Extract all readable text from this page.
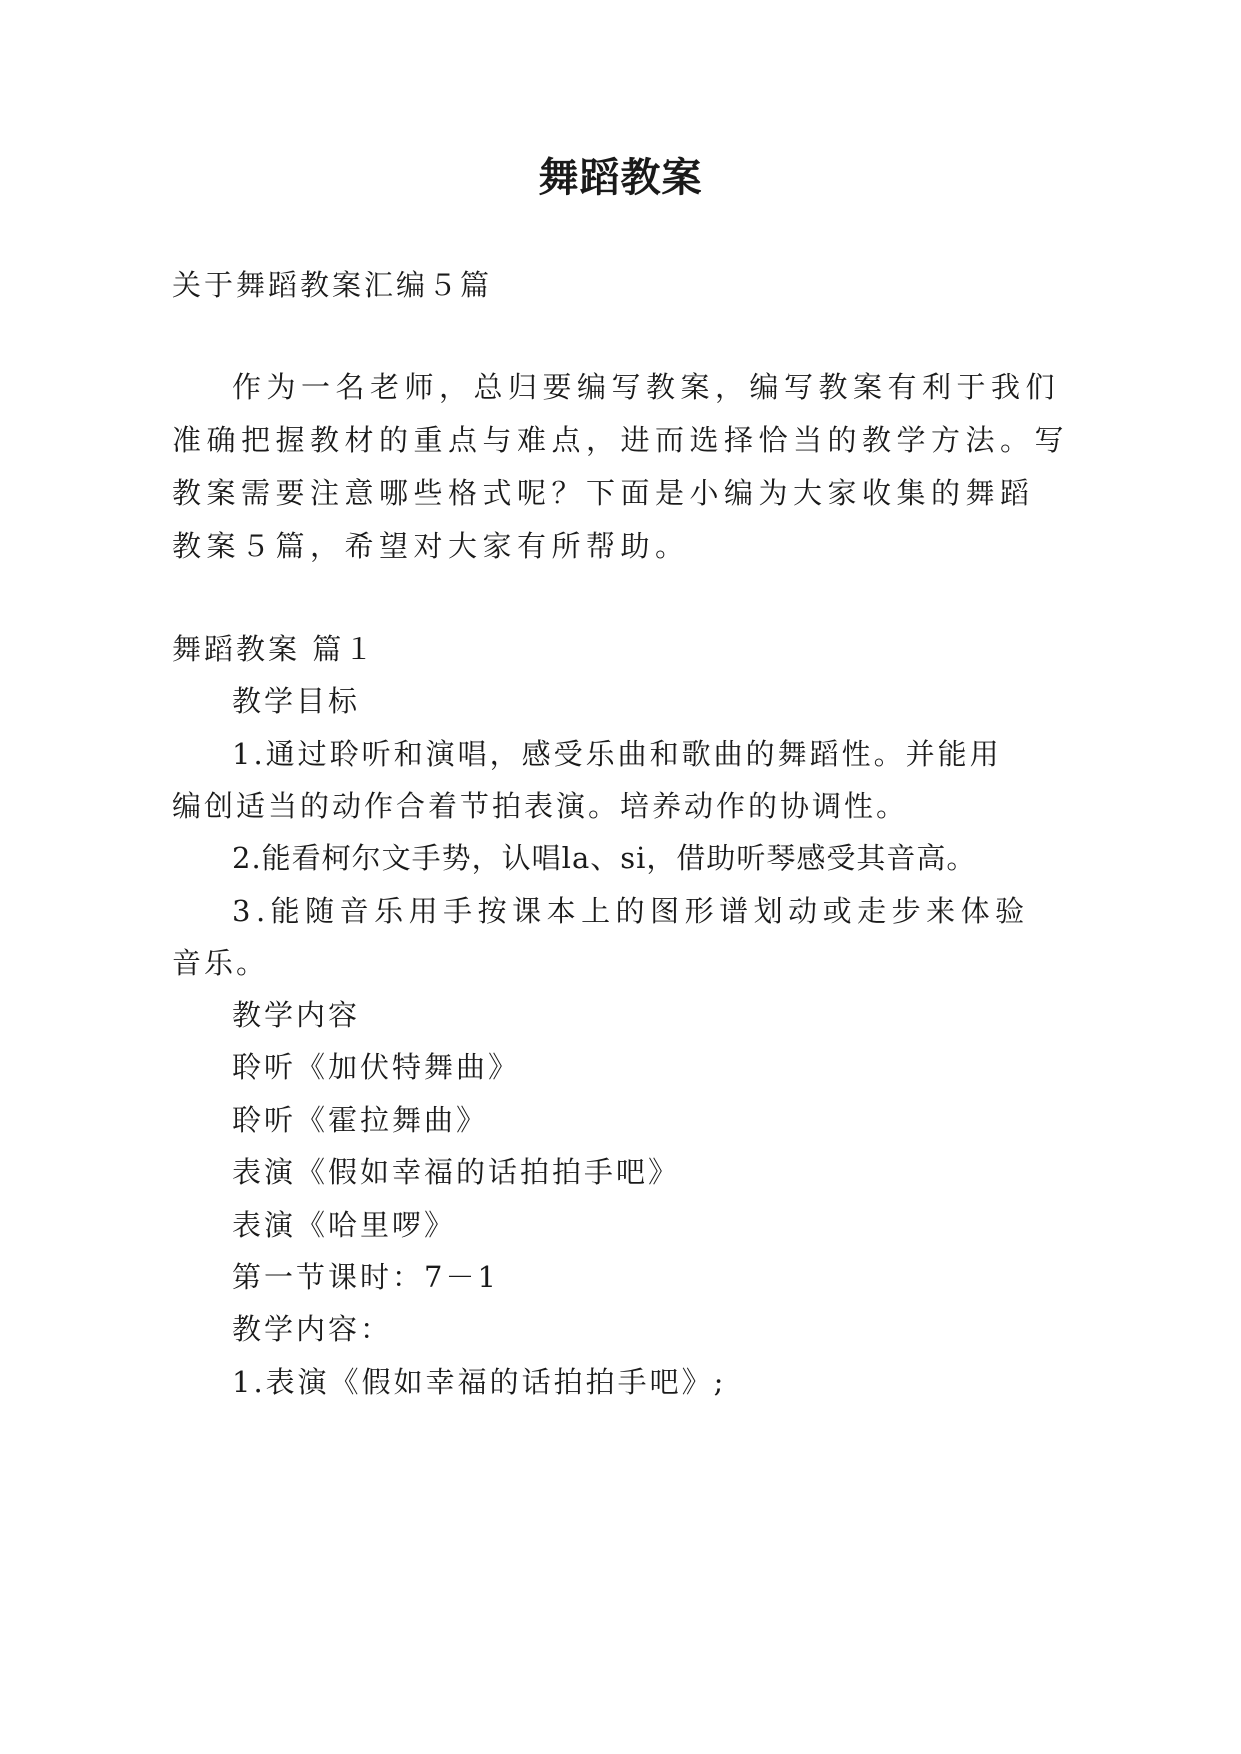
舞蹈教案
关于舞蹈教案汇编５篇
作为一名老师，总归要编写教案，编写教案有利于我们
准确把握教材的重点与难点，进而选择恰当的教学方法。写
教案需要注意哪些格式呢？下面是小编为大家收集的舞蹈
教案５篇，希望对大家有所帮助。
舞蹈教案 篇１
教学目标
1.通过聆听和演唱，感受乐曲和歌曲的舞蹈性。并能用
编创适当的动作合着节拍表演。培养动作的协调性。
2.能看柯尔文手势，认唱la、si，借助听琴感受其音高。
3.能随音乐用手按课本上的图形谱划动或走步来体验
音乐。
教学内容
聆听《加伏特舞曲》
聆听《霍拉舞曲》
表演《假如幸福的话拍拍手吧》
表演《哈里啰》
第一节课时：7－1
教学内容：
1.表演《假如幸福的话拍拍手吧》;
